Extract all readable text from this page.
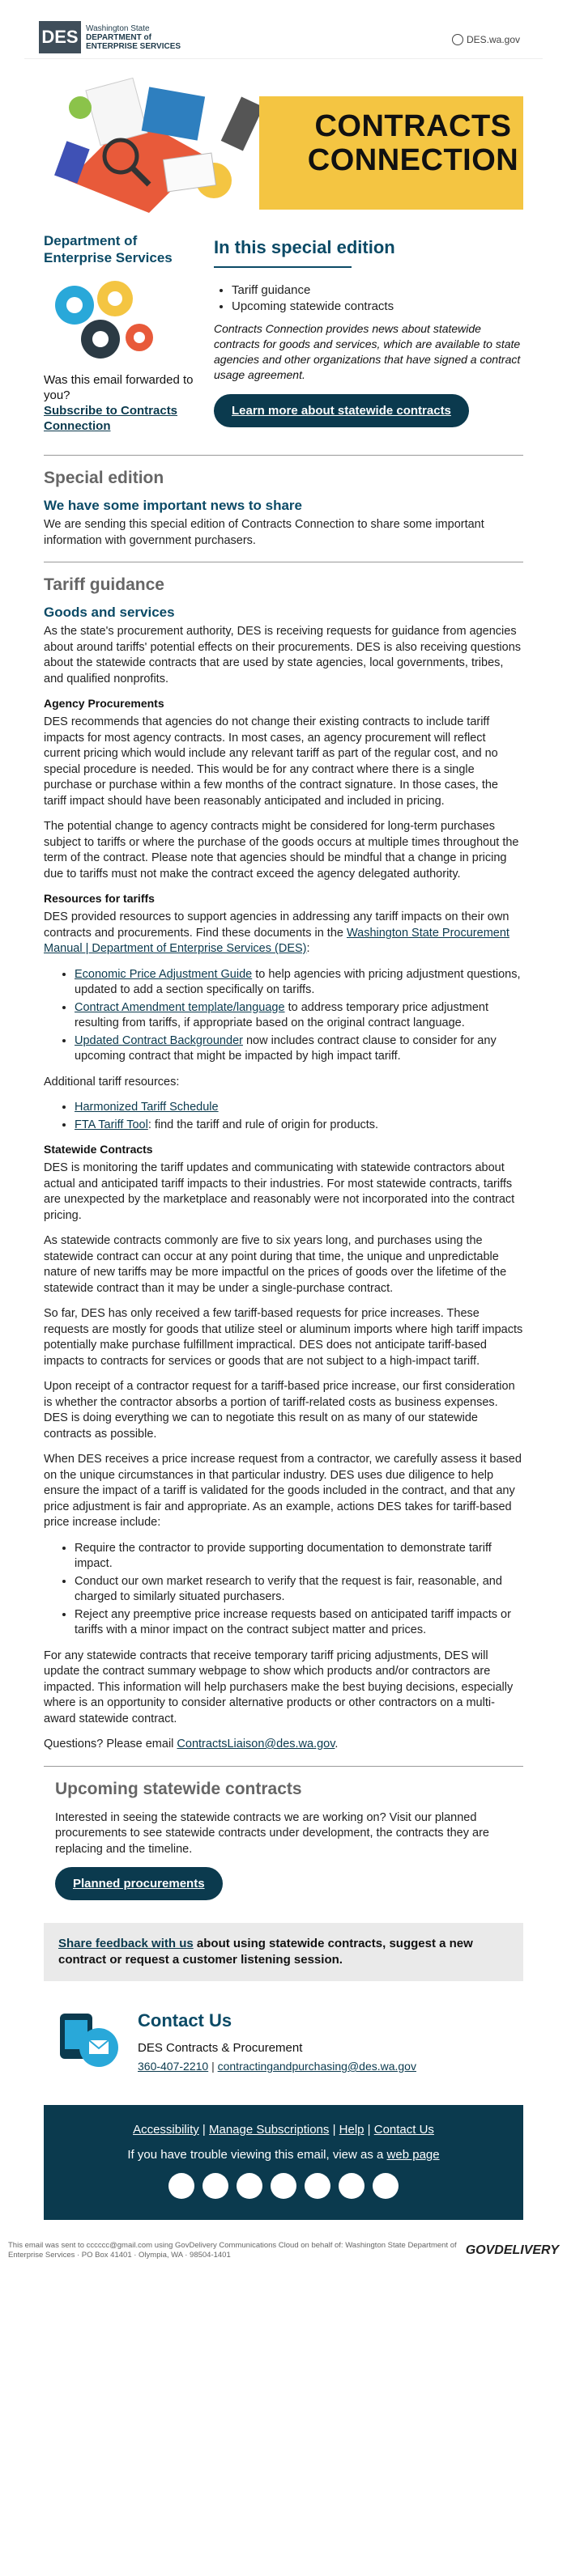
DES Washington State
DEPARTMENT of
ENTERPRISE SERVICES
DES.wa.gov
CONTRACTS CONNECTION
Department of Enterprise Services
Was this email forwarded to you?
Subscribe to Contracts Connection
In this special edition
• Tariff guidance
• Upcoming statewide contracts
Contracts Connection provides news about statewide contracts for goods and services, which are available to state agencies and other organizations that have signed a contract usage agreement.
Learn more about statewide contracts
Special edition
We have some important news to share

We are sending this special edition of Contracts Connection to share some important information with government purchasers.

Tariff guidance
Goods and services

As the state's procurement authority, DES is receiving requests for guidance from agencies about around tariffs' potential effects on their procurements. DES is also receiving questions about the statewide contracts that are used by state agencies, local governments, tribes, and qualified nonprofits.

Agency Procurements

DES recommends that agencies do not change their existing contracts to include tariff impacts for most agency contracts. In most cases, an agency procurement will reflect current pricing which would include any relevant tariff as part of the regular cost, and no special procedure is needed. This would be for any contract where there is a single purchase or purchase within a few months of the contract signature. In those cases, the tariff impact should have been reasonably anticipated and included in pricing.

The potential change to agency contracts might be considered for long-term purchases subject to tariffs or where the purchase of the goods occurs at multiple times throughout the term of the contract. Please note that agencies should be mindful that a change in pricing due to tariffs must not make the contract exceed the agency delegated authority.

Resources for tariffs

DES provided resources to support agencies in addressing any tariff impacts on their own contracts and procurements. Find these documents in the Washington State Procurement Manual | Department of Enterprise Services (DES):

• Economic Price Adjustment Guide to help agencies with pricing adjustment questions, updated to add a section specifically on tariffs.
• Contract Amendment template/language to address temporary price adjustment resulting from tariffs, if appropriate based on the original contract language.
• Updated Contract Backgrounder now includes contract clause to consider for any upcoming contract that might be impacted by high impact tariff.

Additional tariff resources:

• Harmonized Tariff Schedule
• FTA Tariff Tool: find the tariff and rule of origin for products.
Statewide Contracts

DES is monitoring the tariff updates and communicating with statewide contractors about actual and anticipated tariff impacts to their industries. For most statewide contracts, tariffs are unexpected by the marketplace and reasonably were not incorporated into the contract pricing.

As statewide contracts commonly are five to six years long, and purchases using the statewide contract can occur at any point during that time, the unique and unpredictable nature of new tariffs may be more impactful on the prices of goods over the lifetime of the statewide contract than it may be under a single-purchase contract.

So far, DES has only received a few tariff-based requests for price increases. These requests are mostly for goods that utilize steel or aluminum imports where high tariff impacts potentially make purchase fulfillment impractical. DES does not anticipate tariff-based impacts to contracts for services or goods that are not subject to a high-impact tariff.

Upon receipt of a contractor request for a tariff-based price increase, our first consideration is whether the contractor absorbs a portion of tariff-related costs as business expenses. DES is doing everything we can to negotiate this result on as many of our statewide contracts as possible.

When DES receives a price increase request from a contractor, we carefully assess it based on the unique circumstances in that particular industry. DES uses due diligence to help ensure the impact of a tariff is validated for the goods included in the contract, and that any price adjustment is fair and appropriate. As an example, actions DES takes for tariff-based price increase include:

• Require the contractor to provide supporting documentation to demonstrate tariff impact.
• Conduct our own market research to verify that the request is fair, reasonable, and charged to similarly situated purchasers.
• Reject any preemptive price increase requests based on anticipated tariff impacts or tariffs with a minor impact on the contract subject matter and prices.

For any statewide contracts that receive temporary tariff pricing adjustments, DES will update the contract summary webpage to show which products and/or contractors are impacted. This information will help purchasers make the best buying decisions, especially where is an opportunity to consider alternative products or other contractors on a multi-award statewide contract.

Questions? Please email ContractsLiaison@des.wa.gov.

Upcoming statewide contracts

Interested in seeing the statewide contracts we are working on? Visit our planned procurements to see statewide contracts under development, the contracts they are replacing and the timeline.

Planned procurements
Share feedback with us about using statewide contracts, suggest a new contract or request a customer listening session.
Contact Us
DES Contracts & Procurement
360-407-2210 | contractingandpurchasing@des.wa.gov
Accessibility | Manage Subscriptions | Help | Contact Us
If you have trouble viewing this email, view as a web page
Y	t	f	in	●●	◎	✉
This email was sent to cccccc@gmail.com using GovDelivery Communications Cloud on behalf of: Washington State Department of Enterprise Services · PO Box 41401 · Olympia, WA · 98504-1401	GOVDELIVERY
